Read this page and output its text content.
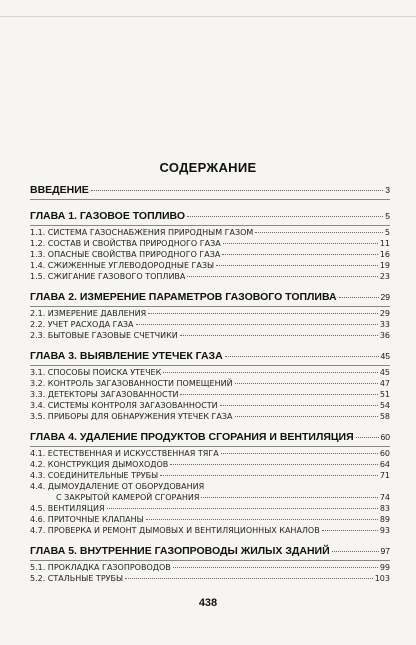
СОДЕРЖАНИЕ
ВВЕДЕНИЕ	3
ГЛАВА 1. ГАЗОВОЕ ТОПЛИВО	5
1.1. СИСТЕМА ГАЗОСНАБЖЕНИЯ ПРИРОДНЫМ ГАЗОМ	5
1.2. СОСТАВ И СВОЙСТВА ПРИРОДНОГО ГАЗА	11
1.3. ОПАСНЫЕ СВОЙСТВА ПРИРОДНОГО ГАЗА	16
1.4. СЖИЖЕННЫЕ УГЛЕВОДОРОДНЫЕ ГАЗЫ	19
1.5. СЖИГАНИЕ ГАЗОВОГО ТОПЛИВА	23
ГЛАВА 2. ИЗМЕРЕНИЕ ПАРАМЕТРОВ ГАЗОВОГО ТОПЛИВА	29
2.1. ИЗМЕРЕНИЕ ДАВЛЕНИЯ	29
2.2. УЧЕТ РАСХОДА ГАЗА	33
2.3. БЫТОВЫЕ ГАЗОВЫЕ СЧЕТЧИКИ	36
ГЛАВА 3. ВЫЯВЛЕНИЕ УТЕЧЕК ГАЗА	45
3.1. СПОСОБЫ ПОИСКА УТЕЧЕК	45
3.2. КОНТРОЛЬ ЗАГАЗОВАННОСТИ ПОМЕЩЕНИЙ	47
3.3. ДЕТЕКТОРЫ ЗАГАЗОВАННОСТИ	51
3.4. СИСТЕМЫ КОНТРОЛЯ ЗАГАЗОВАННОСТИ	54
3.5. ПРИБОРЫ ДЛЯ ОБНАРУЖЕНИЯ УТЕЧЕК ГАЗА	58
ГЛАВА 4. УДАЛЕНИЕ ПРОДУКТОВ СГОРАНИЯ И ВЕНТИЛЯЦИЯ	60
4.1. ЕСТЕСТВЕННАЯ И ИСКУССТВЕННАЯ ТЯГА	60
4.2. КОНСТРУКЦИЯ ДЫМОХОДОВ	64
4.3. СОЕДИНИТЕЛЬНЫЕ ТРУБЫ	71
4.4. ДЫМОУДАЛЕНИЕ ОТ ОБОРУДОВАНИЯ
С ЗАКРЫТОЙ КАМЕРОЙ СГОРАНИЯ	74
4.5. ВЕНТИЛЯЦИЯ	83
4.6. ПРИТОЧНЫЕ КЛАПАНЫ	89
4.7. ПРОВЕРКА И РЕМОНТ ДЫМОВЫХ И ВЕНТИЛЯЦИОННЫХ КАНАЛОВ	93
ГЛАВА 5. ВНУТРЕННИЕ ГАЗОПРОВОДЫ ЖИЛЫХ ЗДАНИЙ	97
5.1. ПРОКЛАДКА ГАЗОПРОВОДОВ	99
5.2. СТАЛЬНЫЕ ТРУБЫ	103
438
